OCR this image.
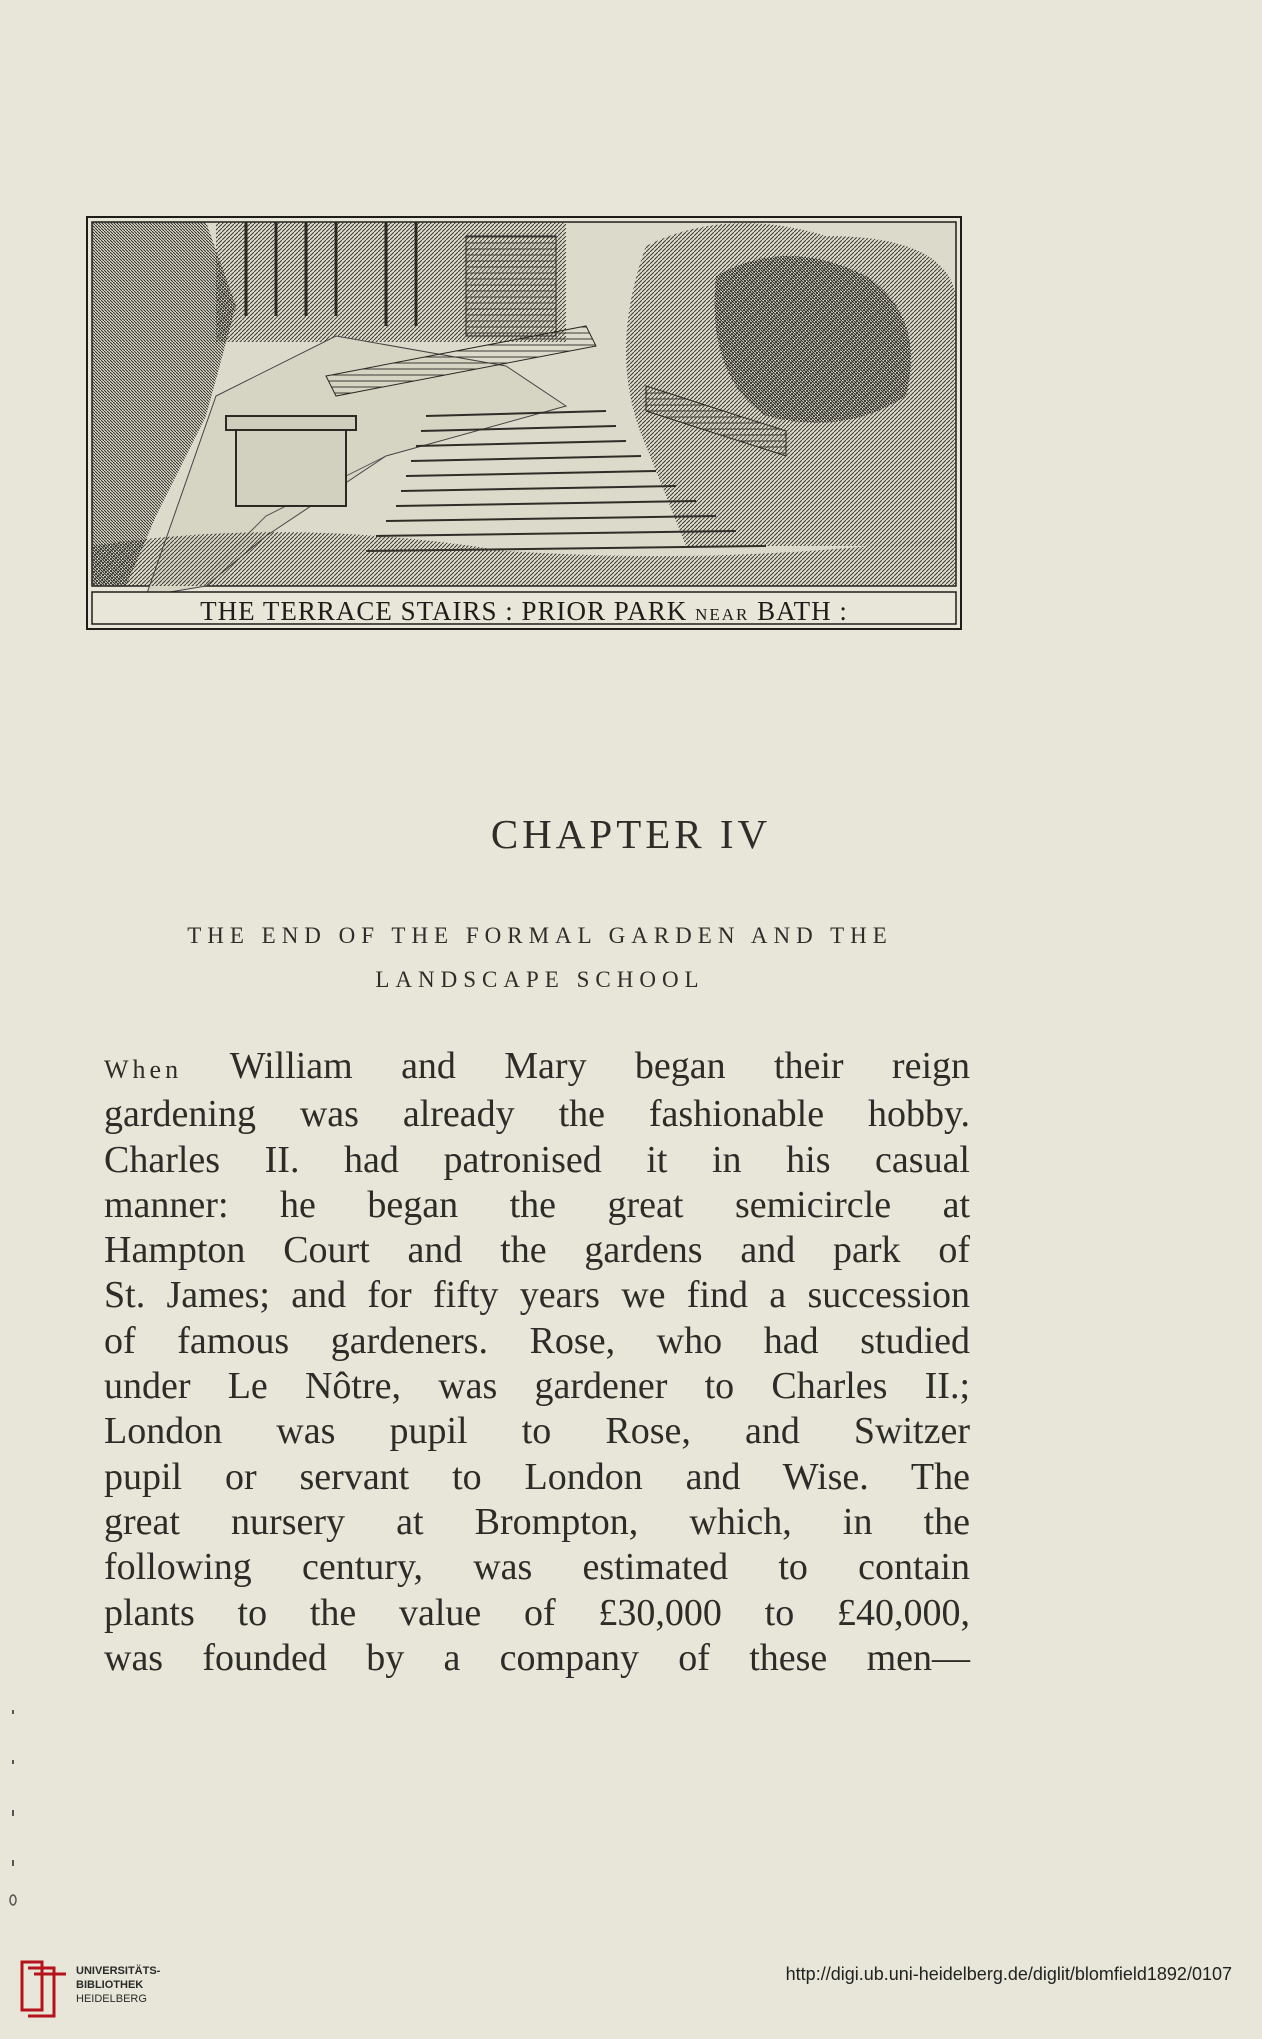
THE TERRACE STAIRS : PRIOR PARK NEAR BATH :
CHAPTER IV
THE END OF THE FORMAL GARDEN AND THE
LANDSCAPE SCHOOL
When William and Mary began their reign
gardening was already the fashionable hobby.
Charles II. had patronised it in his casual
manner: he began the great semicircle at
Hampton Court and the gardens and park of
St. James; and for fifty years we find a succession
of famous gardeners. Rose, who had studied
under Le Nôtre, was gardener to Charles II.;
London was pupil to Rose, and Switzer
pupil or servant to London and Wise. The
great nursery at Brompton, which, in the
following century, was estimated to contain
plants to the value of £30,000 to £40,000,
was founded by a company of these men—
UNIVERSITÄTS-
BIBLIOTHEK
HEIDELBERG
http://digi.ub.uni-heidelberg.de/diglit/blomfield1892/0107
